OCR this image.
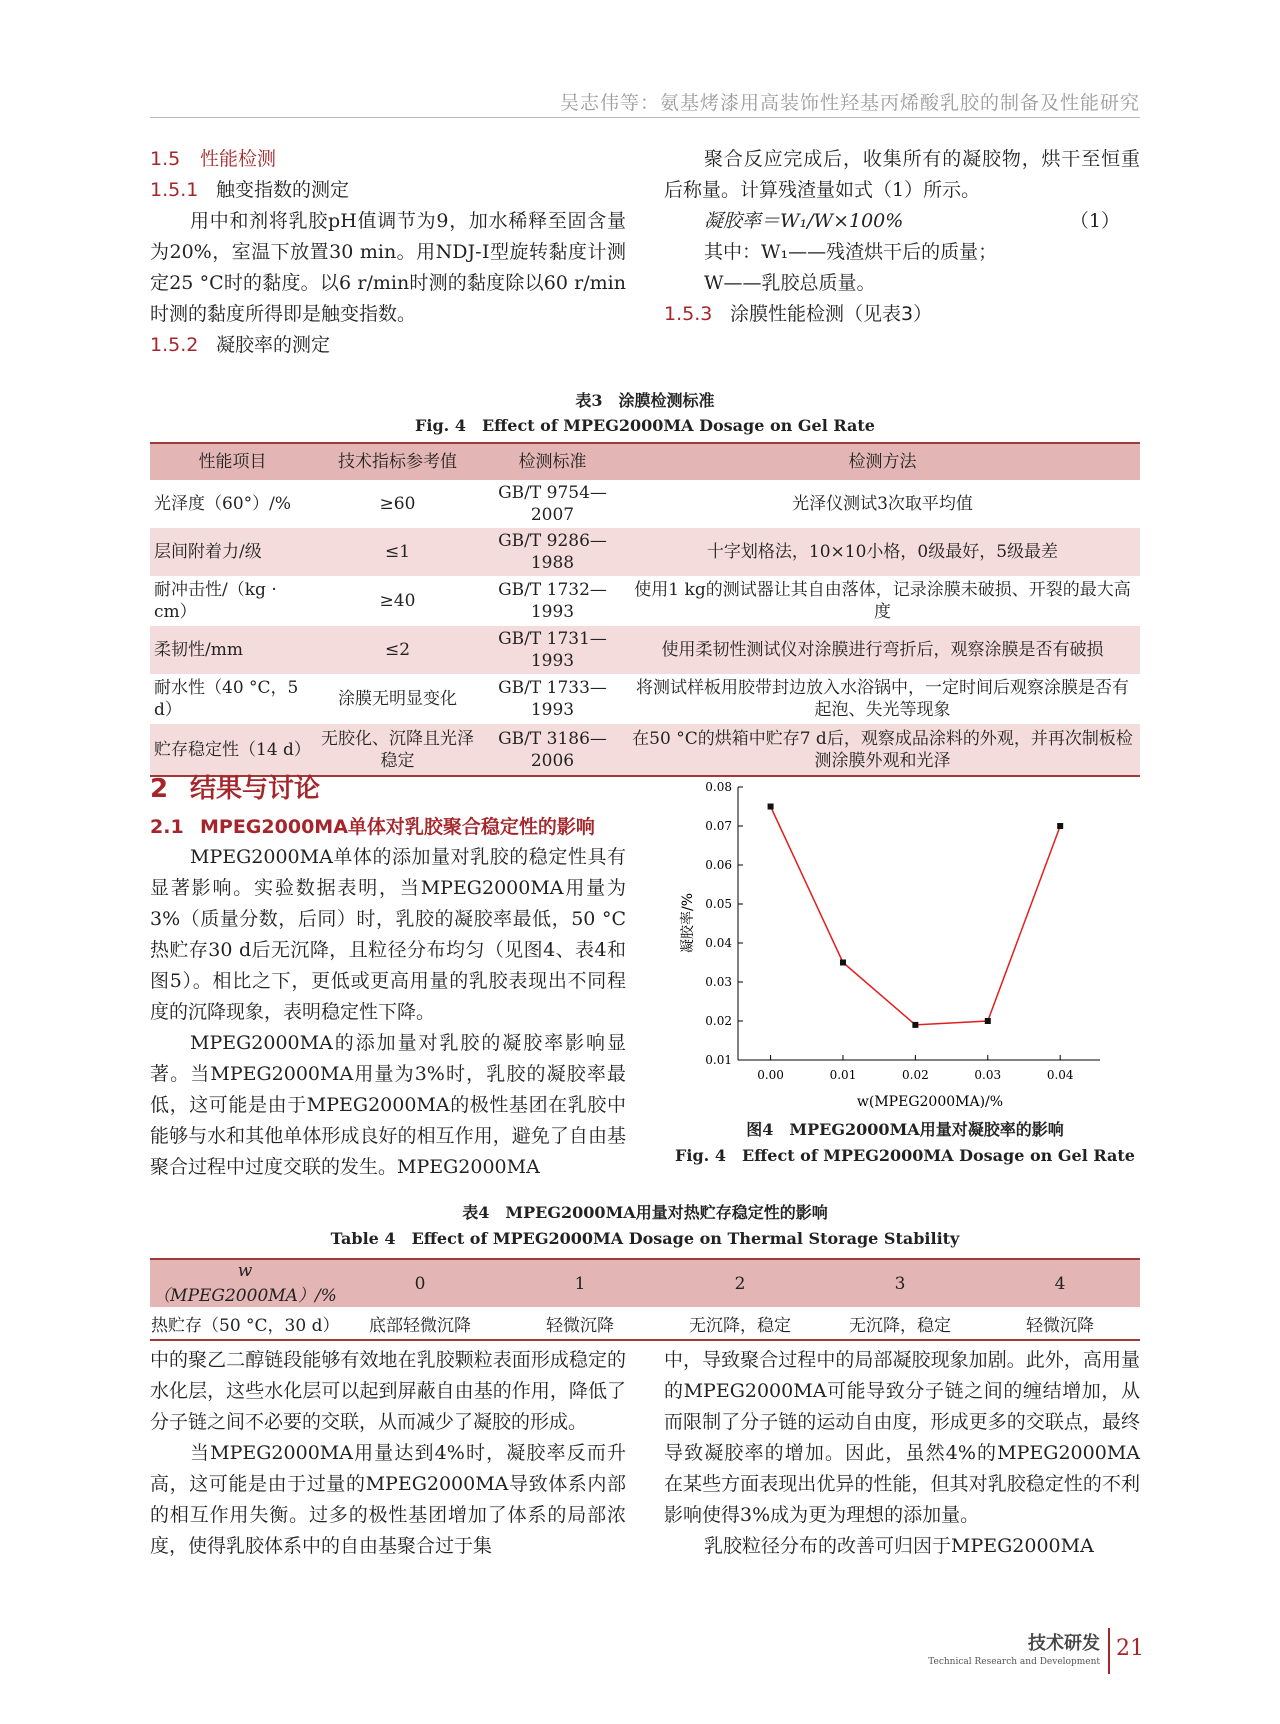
吴志伟等：氨基烤漆用高装饰性羟基丙烯酸乳胶的制备及性能研究
1.5 性能检测
1.5.1 触变指数的测定

用中和剂将乳胶pH值调节为9，加水稀释至固含量为20%，室温下放置30 min。用NDJ-Ⅰ型旋转黏度计测定25 °C时的黏度。以6 r/min时测的黏度除以60 r/min时测的黏度所得即是触变指数。

1.5.2 凝胶率的测定

聚合反应完成后，收集所有的凝胶物，烘干至恒重后称量。计算残渣量如式（1）所示。

凝胶率＝W₁/W×100%	（1）
其中：W₁——残渣烘干后的质量；
W——乳胶总质量。
1.5.3 涂膜性能检测（见表3）
表3　涂膜检测标准
Fig. 4　Effect of MPEG2000MA Dosage on Gel Rate
性能项目	技术指标参考值	检测标准	检测方法
光泽度（60°）/%	≥60	GB/T 9754—2007	光泽仪测试3次取平均值
层间附着力/级	≤1	GB/T 9286—1988	十字划格法，10×10小格，0级最好，5级最差
耐冲击性/（kg · cm）	≥40	GB/T 1732—1993	使用1 kg的测试器让其自由落体，记录涂膜未破损、开裂的最大高度
柔韧性/mm	≤2	GB/T 1731—1993	使用柔韧性测试仪对涂膜进行弯折后，观察涂膜是否有破损
耐水性（40 °C，5 d）	涂膜无明显变化	GB/T 1733—1993	将测试样板用胶带封边放入水浴锅中，一定时间后观察涂膜是否有起泡、失光等现象
贮存稳定性（14 d）	无胶化、沉降且光泽稳定	GB/T 3186—2006	在50 °C的烘箱中贮存7 d后，观察成品涂料的外观，并再次制板检测涂膜外观和光泽
2 结果与讨论
2.1 MPEG2000MA单体对乳胶聚合稳定性的影响

MPEG2000MA单体的添加量对乳胶的稳定性具有显著影响。实验数据表明，当MPEG2000MA用量为3%（质量分数，后同）时，乳胶的凝胶率最低，50 °C热贮存30 d后无沉降，且粒径分布均匀（见图4、表4和图5）。相比之下，更低或更高用量的乳胶表现出不同程度的沉降现象，表明稳定性下降。

MPEG2000MA的添加量对乳胶的凝胶率影响显著。当MPEG2000MA用量为3%时，乳胶的凝胶率最低，这可能是由于MPEG2000MA的极性基团在乳胶中能够与水和其他单体形成良好的相互作用，避免了自由基聚合过程中过度交联的发生。MPEG2000MA

0.01
0.02
0.03
0.04
0.05
0.06
0.07
0.08
0.00	0.01	0.02	0.03	0.04
w(MPEG2000MA)/%
凝胶率/%
图4　MPEG2000MA用量对凝胶率的影响
Fig. 4　Effect of MPEG2000MA Dosage on Gel Rate
表4　MPEG2000MA用量对热贮存稳定性的影响
Table 4　Effect of MPEG2000MA Dosage on Thermal Storage Stability
w（MPEG2000MA）/%	0	1	2	3	4
热贮存（50 °C，30 d）	底部轻微沉降	轻微沉降	无沉降，稳定	无沉降，稳定	轻微沉降

中的聚乙二醇链段能够有效地在乳胶颗粒表面形成稳定的水化层，这些水化层可以起到屏蔽自由基的作用，降低了分子链之间不必要的交联，从而减少了凝胶的形成。

当MPEG2000MA用量达到4%时，凝胶率反而升高，这可能是由于过量的MPEG2000MA导致体系内部的相互作用失衡。过多的极性基团增加了体系的局部浓度，使得乳胶体系中的自由基聚合过于集

中，导致聚合过程中的局部凝胶现象加剧。此外，高用量的MPEG2000MA可能导致分子链之间的缠结增加，从而限制了分子链的运动自由度，形成更多的交联点，最终导致凝胶率的增加。因此，虽然4%的MPEG2000MA在某些方面表现出优异的性能，但其对乳胶稳定性的不利影响使得3%成为更为理想的添加量。

乳胶粒径分布的改善可归因于MPEG2000MA

技术研发
Technical Research and Development
21
